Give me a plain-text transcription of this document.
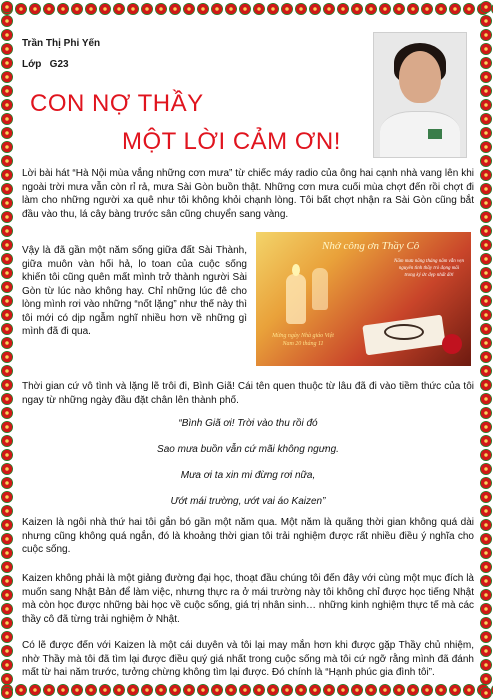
Trần Thị Phi Yến
Lớp G23
CON NỢ THẦY
MỘT LỜI CẢM ƠN!

Lời bài hát “Hà Nội mùa vắng những cơn mưa” từ chiếc máy radio của ông hai cạnh nhà vang lên khi ngoài trời mưa vẫn còn rỉ rả, mưa Sài Gòn buồn thật. Những cơn mưa cuối mùa chợt đến rồi chợt đi làm cho những người xa quê như tôi không khỏi chạnh lòng. Tôi bất chợt nhận ra Sài Gòn cũng bắt đầu vào thu, lá cây bàng trước sân cũng chuyển sang vàng.

Vậy là đã gần một năm sống giữa đất Sài Thành, giữa muôn vàn hối hả, lo toan của cuộc sống khiến tôi cũng quên mất mình trở thành người Sài Gòn từ lúc nào không hay. Chỉ những lúc đê cho lòng mình rơi vào những “nốt lặng” như thế này thì tôi mới có dịp ngẫm nghĩ nhiều hơn về những gì mình đã đi qua.

Nhớ công ơn Thầy Cô
Nắm mưa nắng tháng năm vẫn vẹn nguyên tình thầy trò đọng mãi trong ký ức đẹp nhất đời
Mừng ngày Nhà giáo Việt Nam 20 tháng 11

Thời gian cứ vô tình và lặng lẽ trôi đi, Bình Giã! Cái tên quen thuộc từ lâu đã đi vào tiềm thức của tôi ngay từ những ngày đầu đặt chân lên thành phố.

“Bình Giã ơi! Trời vào thu rồi đó
Sao mưa buồn vẫn cứ mãi không ngưng.
Mưa ơi ta xin mi đừng rơi nữa,
Ướt mái trường, ướt vai áo Kaizen”

Kaizen là ngôi nhà thứ hai tôi gắn bó gần một năm qua. Một năm là quãng thời gian không quá dài nhưng cũng không quá ngắn, đó là khoảng thời gian tôi trải nghiệm được rất nhiều điều ý nghĩa cho cuộc sống.

Kaizen không phải là một giảng đường đại học, thoạt đầu chúng tôi đến đây với cùng một mục đích là muốn sang Nhật Bản để làm việc, nhưng thực ra ở mái trường này tôi không chỉ được học tiếng Nhật mà còn học được những bài học về cuộc sống, giá trị nhân sinh… những kinh nghiệm thực tế mà các thầy cô đã từng trải nghiệm ở Nhật.

Có lẽ được đến với Kaizen là một cái duyên và tôi lại may mắn hơn khi được gặp Thầy chủ nhiệm, nhờ Thầy mà tôi đã tìm lại được điều quý giá nhất trong cuộc sống mà tôi cứ ngỡ rằng mình đã đánh mất từ hai năm trước, tưởng chừng không tìm lại được. Đó chính là “Hạnh phúc gia đình tôi”.
